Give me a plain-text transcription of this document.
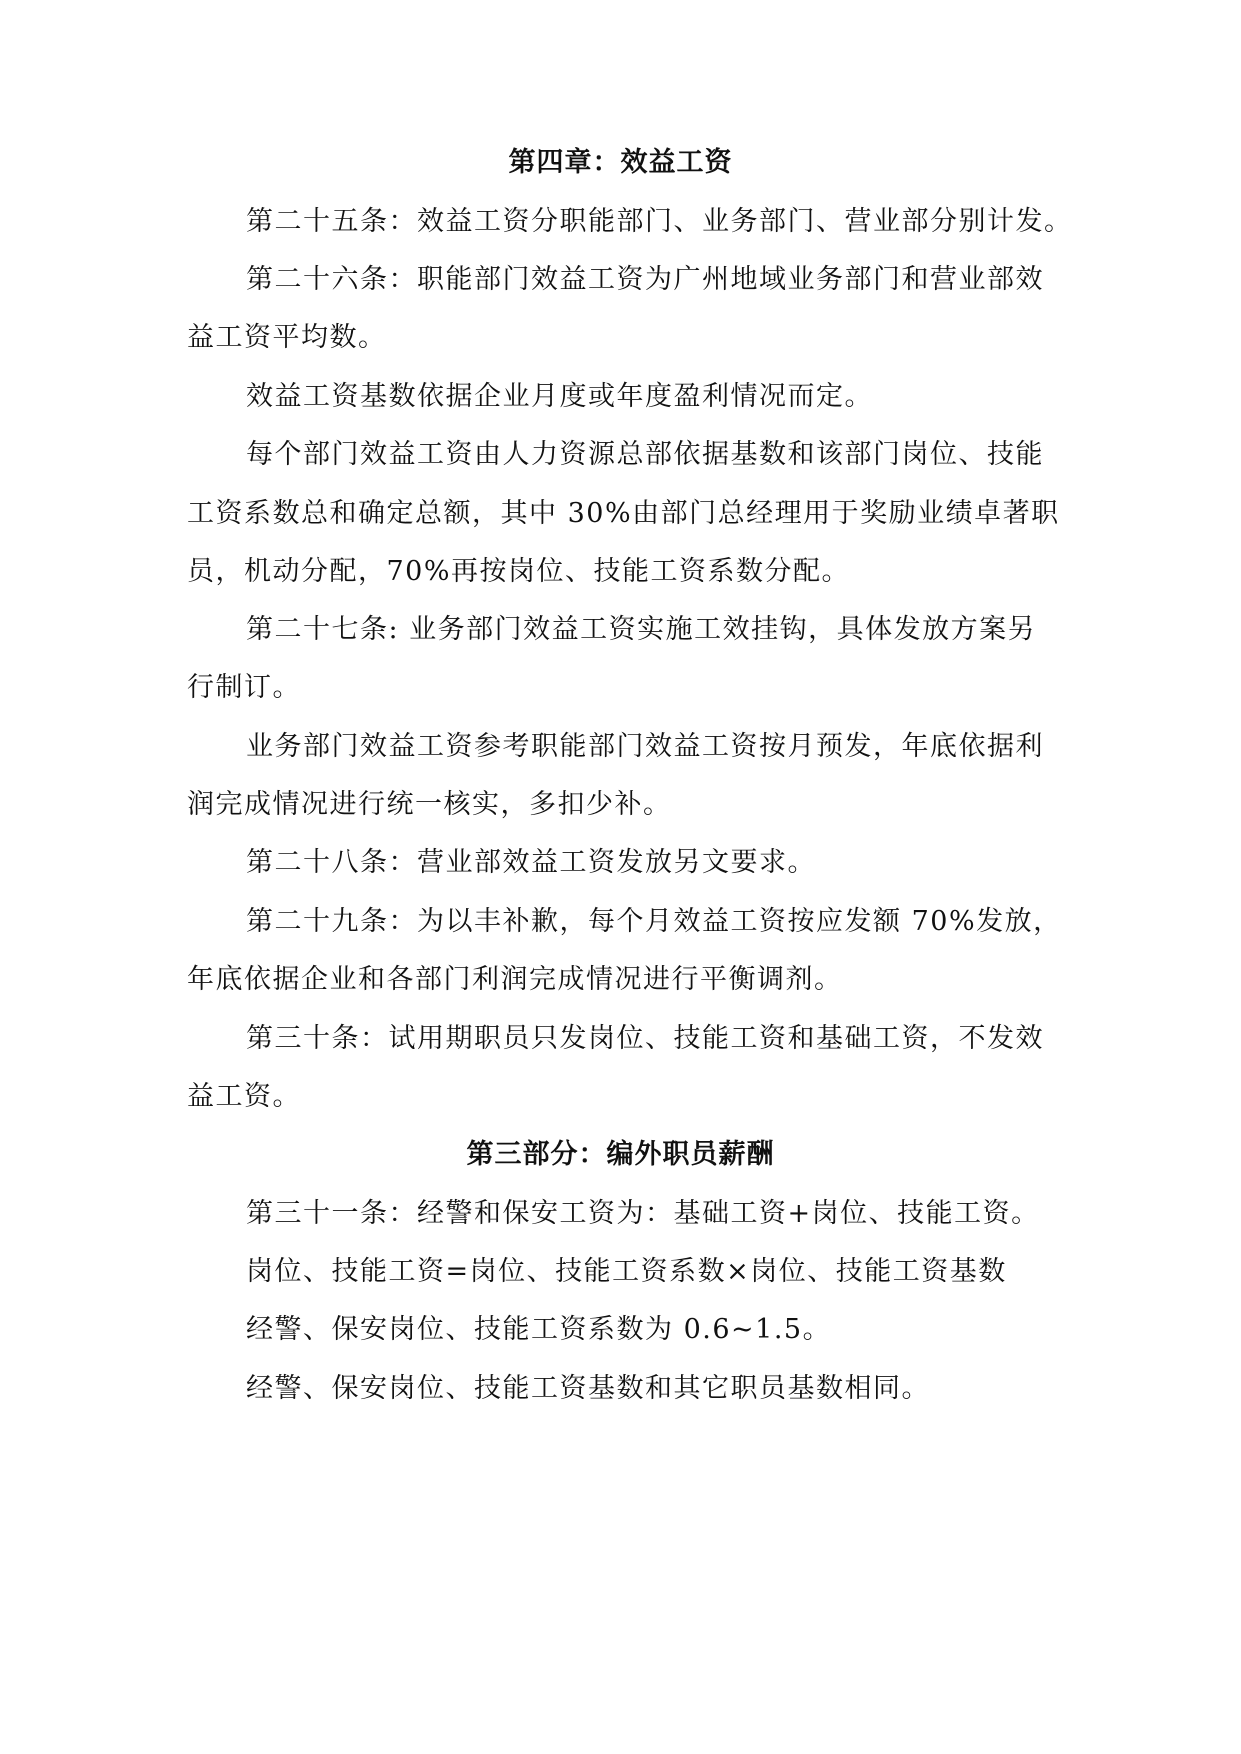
第四章：效益工资
第二十五条：效益工资分职能部门、业务部门、营业部分别计发。
第二十六条：职能部门效益工资为广州地域业务部门和营业部效
益工资平均数。
效益工资基数依据企业月度或年度盈利情况而定。
每个部门效益工资由人力资源总部依据基数和该部门岗位、技能
工资系数总和确定总额，其中 30%由部门总经理用于奖励业绩卓著职
员，机动分配，70%再按岗位、技能工资系数分配。
第二十七条: 业务部门效益工资实施工效挂钩，具体发放方案另
行制订。
业务部门效益工资参考职能部门效益工资按月预发，年底依据利
润完成情况进行统一核实，多扣少补。
第二十八条：营业部效益工资发放另文要求。
第二十九条：为以丰补歉，每个月效益工资按应发额 70%发放，
年底依据企业和各部门利润完成情况进行平衡调剂。
第三十条：试用期职员只发岗位、技能工资和基础工资，不发效
益工资。
第三部分：编外职员薪酬
第三十一条：经警和保安工资为：基础工资+岗位、技能工资。
岗位、技能工资=岗位、技能工资系数×岗位、技能工资基数
经警、保安岗位、技能工资系数为 0.6~1.5。
经警、保安岗位、技能工资基数和其它职员基数相同。
